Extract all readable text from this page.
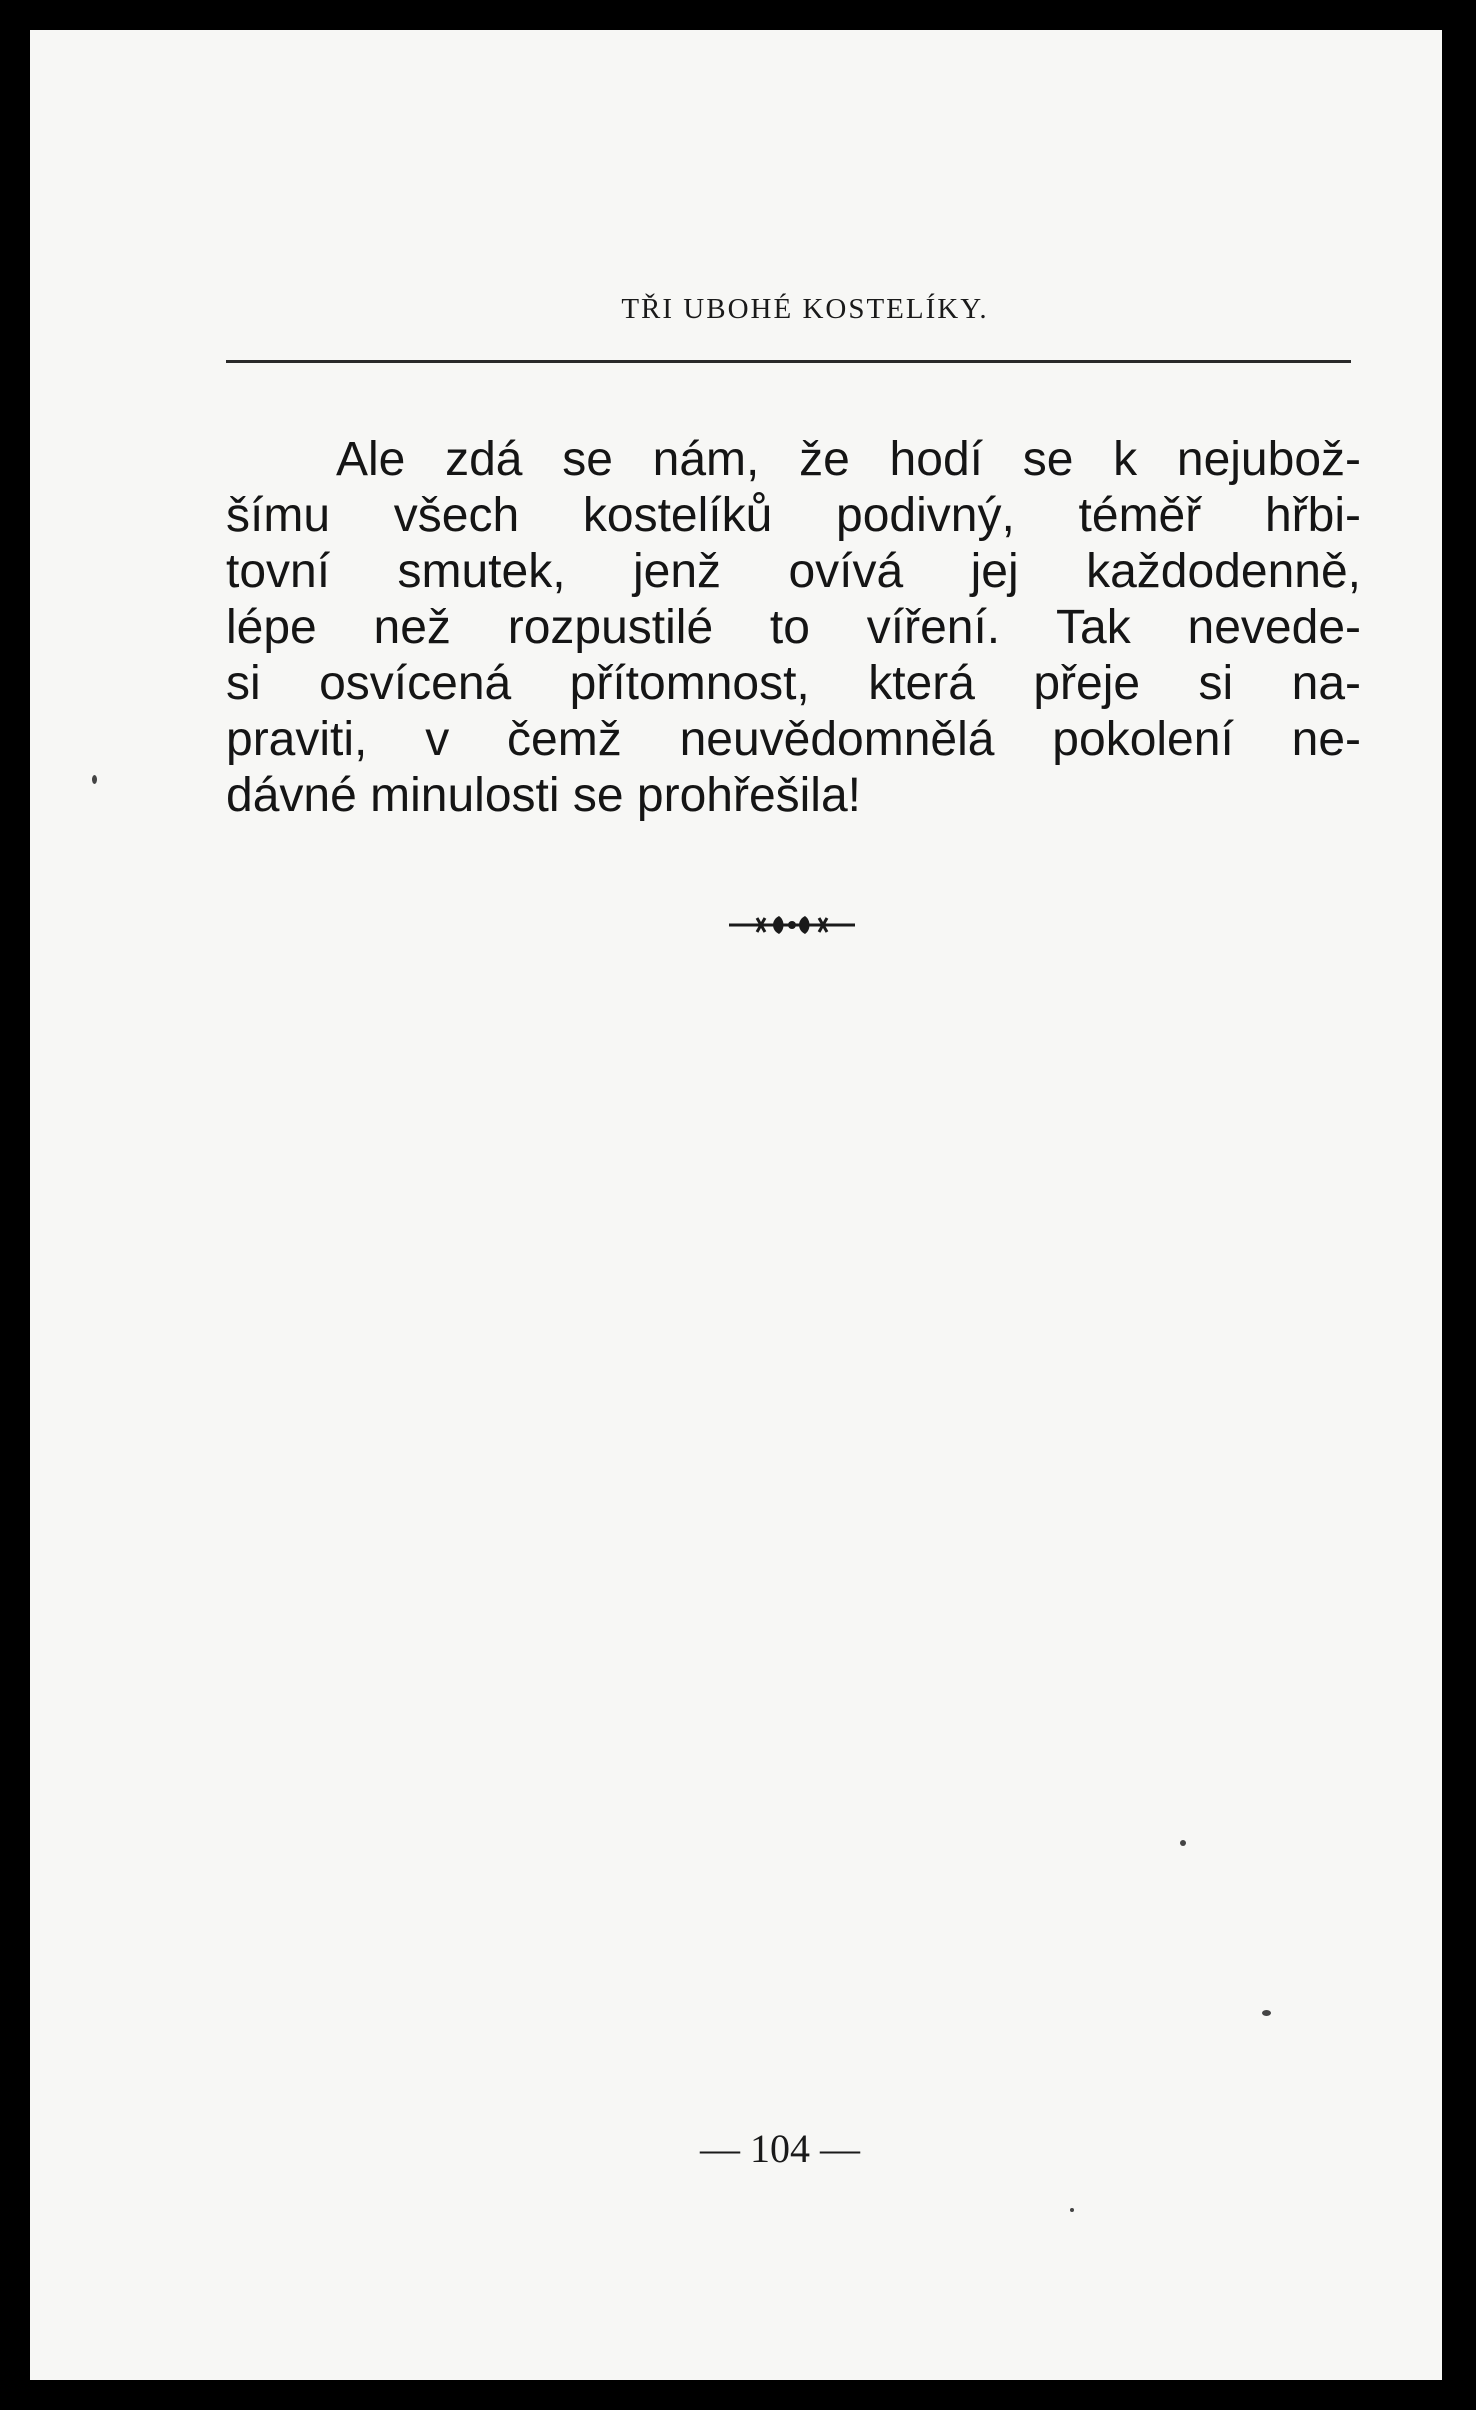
TŘI UBOHÉ KOSTELÍKY.
Ale zdá se nám, že hodí se k nejubož-
šímu všech kostelíků podivný, téměř hřbi-
tovní smutek, jenž ovívá jej každodenně,
lépe než rozpustilé to víření. Tak nevede-
si osvícená přítomnost, která přeje si na-
praviti, v čemž neuvědomnělá pokolení ne-
dávné minulosti se prohřešila!
— 104 —
